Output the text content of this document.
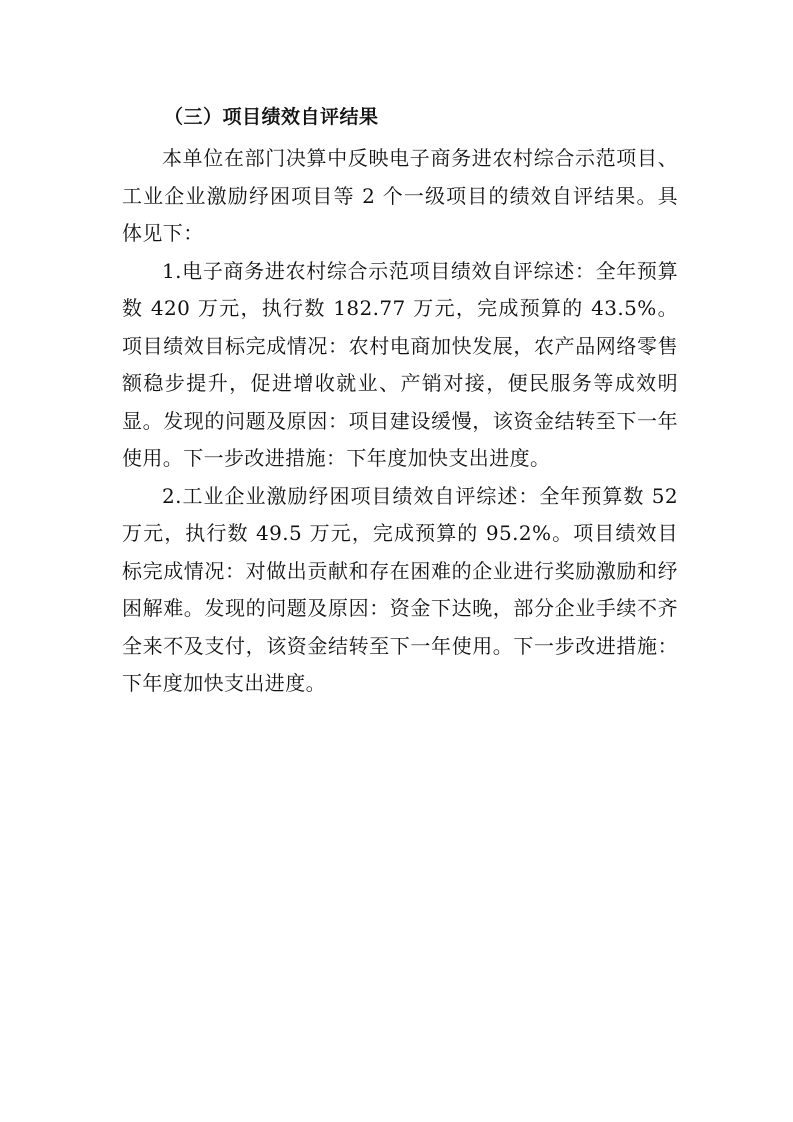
（三）项目绩效自评结果

本单位在部门决算中反映电子商务进农村综合示范项目、工业企业激励纾困项目等 2 个一级项目的绩效自评结果。具体见下：

1.电子商务进农村综合示范项目绩效自评综述：全年预算数 420 万元，执行数 182.77 万元，完成预算的 43.5%。项目绩效目标完成情况：农村电商加快发展，农产品网络零售额稳步提升，促进增收就业、产销对接，便民服务等成效明显。发现的问题及原因：项目建设缓慢，该资金结转至下一年使用。下一步改进措施：下年度加快支出进度。

2.工业企业激励纾困项目绩效自评综述：全年预算数 52 万元，执行数 49.5 万元，完成预算的 95.2%。项目绩效目标完成情况：对做出贡献和存在困难的企业进行奖励激励和纾困解难。发现的问题及原因：资金下达晚，部分企业手续不齐全来不及支付，该资金结转至下一年使用。下一步改进措施：下年度加快支出进度。
